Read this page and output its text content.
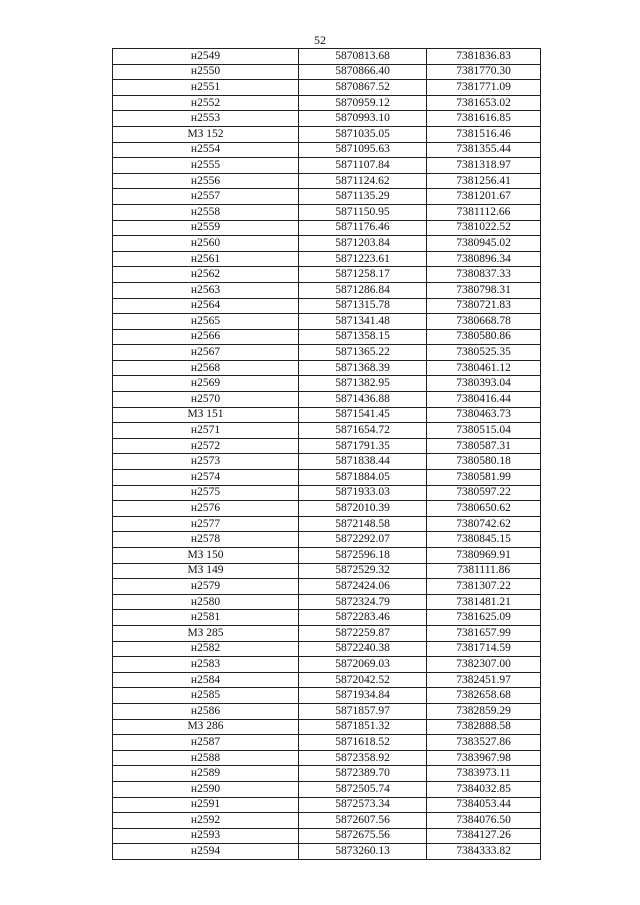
52
н2549	5870813.68	7381836.83
н2550	5870866.40	7381770.30
н2551	5870867.52	7381771.09
н2552	5870959.12	7381653.02
н2553	5870993.10	7381616.85
МЗ 152	5871035.05	7381516.46
н2554	5871095.63	7381355.44
н2555	5871107.84	7381318.97
н2556	5871124.62	7381256.41
н2557	5871135.29	7381201.67
н2558	5871150.95	7381112.66
н2559	5871176.46	7381022.52
н2560	5871203.84	7380945.02
н2561	5871223.61	7380896.34
н2562	5871258.17	7380837.33
н2563	5871286.84	7380798.31
н2564	5871315.78	7380721.83
н2565	5871341.48	7380668.78
н2566	5871358.15	7380580.86
н2567	5871365.22	7380525.35
н2568	5871368.39	7380461.12
н2569	5871382.95	7380393.04
н2570	5871436.88	7380416.44
МЗ 151	5871541.45	7380463.73
н2571	5871654.72	7380515.04
н2572	5871791.35	7380587.31
н2573	5871838.44	7380580.18
н2574	5871884.05	7380581.99
н2575	5871933.03	7380597.22
н2576	5872010.39	7380650.62
н2577	5872148.58	7380742.62
н2578	5872292.07	7380845.15
МЗ 150	5872596.18	7380969.91
МЗ 149	5872529.32	7381111.86
н2579	5872424.06	7381307.22
н2580	5872324.79	7381481.21
н2581	5872283.46	7381625.09
МЗ 285	5872259.87	7381657.99
н2582	5872240.38	7381714.59
н2583	5872069.03	7382307.00
н2584	5872042.52	7382451.97
н2585	5871934.84	7382658.68
н2586	5871857.97	7382859.29
МЗ 286	5871851.32	7382888.58
н2587	5871618.52	7383527.86
н2588	5872358.92	7383967.98
н2589	5872389.70	7383973.11
н2590	5872505.74	7384032.85
н2591	5872573.34	7384053.44
н2592	5872607.56	7384076.50
н2593	5872675.56	7384127.26
н2594	5873260.13	7384333.82
